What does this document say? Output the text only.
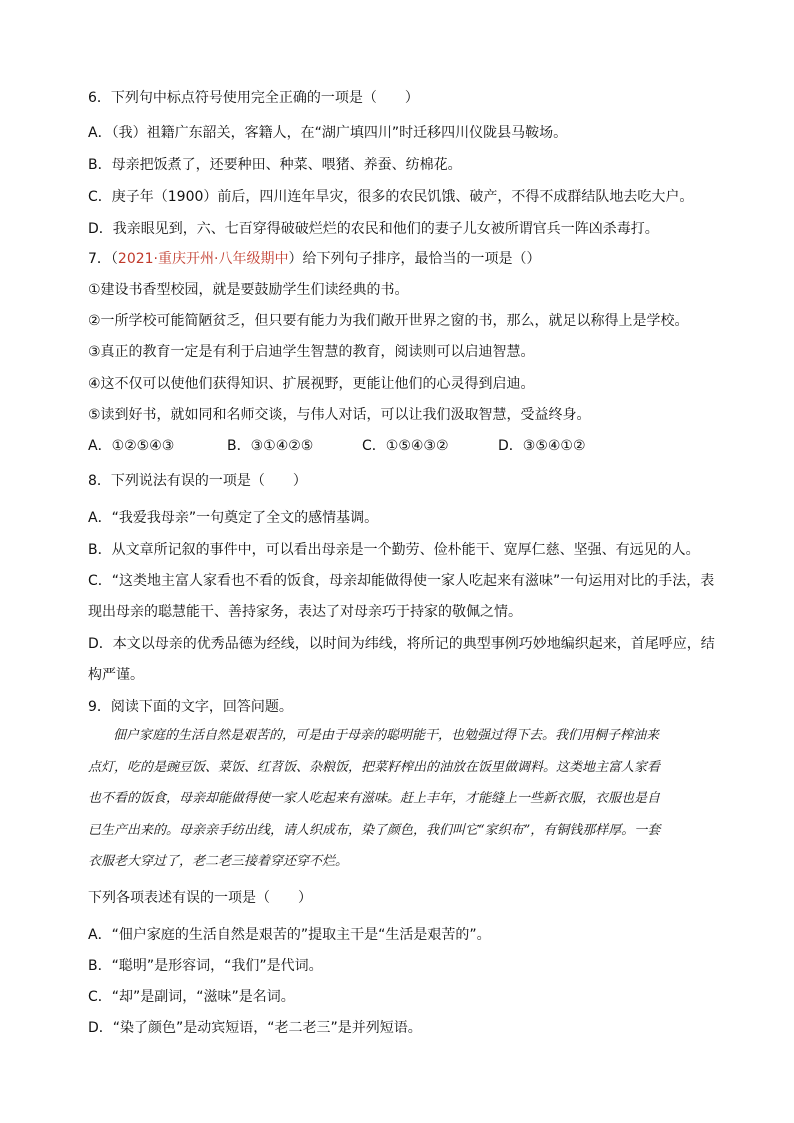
6．下列句中标点符号使用完全正确的一项是（　　）
A．（我）祖籍广东韶关，客籍人，在“湖广填四川”时迁移四川仪陇县马鞍场。
B．母亲把饭煮了，还要种田、种菜、喂猪、养蚕、纺棉花。
C．庚子年（1900）前后，四川连年旱灾，很多的农民饥饿、破产，不得不成群结队地去吃大户。
D．我亲眼见到，六、七百穿得破破烂烂的农民和他们的妻子儿女被所谓官兵一阵凶杀毒打。
7．（2021·重庆开州·八年级期中）给下列句子排序，最恰当的一项是（）
①建设书香型校园，就是要鼓励学生们读经典的书。
②一所学校可能简陋贫乏，但只要有能力为我们敞开世界之窗的书，那么，就足以称得上是学校。
③真正的教育一定是有利于启迪学生智慧的教育，阅读则可以启迪智慧。
④这不仅可以使他们获得知识、扩展视野，更能让他们的心灵得到启迪。
⑤读到好书，就如同和名师交谈，与伟人对话，可以让我们汲取智慧，受益终身。
A．①②⑤④③	B．③①④②⑤	C．①⑤④③②	D．③⑤④①②
8．下列说法有误的一项是（　　）
A．“我爱我母亲”一句奠定了全文的感情基调。
B．从文章所记叙的事件中，可以看出母亲是一个勤劳、俭朴能干、宽厚仁慈、坚强、有远见的人。
C．“这类地主富人家看也不看的饭食，母亲却能做得使一家人吃起来有滋味”一句运用对比的手法，表
现出母亲的聪慧能干、善持家务，表达了对母亲巧于持家的敬佩之情。
D．本文以母亲的优秀品德为经线，以时间为纬线，将所记的典型事例巧妙地编织起来，首尾呼应，结
构严谨。
9．阅读下面的文字，回答问题。
佃户家庭的生活自然是艰苦的，可是由于母亲的聪明能干，也勉强过得下去。我们用桐子榨油来
点灯，吃的是豌豆饭、菜饭、红苕饭、杂粮饭，把菜籽榨出的油放在饭里做调料。这类地主富人家看
也不看的饭食，母亲却能做得使一家人吃起来有滋味。赶上丰年，才能缝上一些新衣服，衣服也是自
已生产出来的。母亲亲手纺出线，请人织成布，染了颜色，我们叫它“家织布”，有铜钱那样厚。一套
衣服老大穿过了，老二老三接着穿还穿不烂。
下列各项表述有误的一项是（　　）
A．“佃户家庭的生活自然是艰苦的”提取主干是“生活是艰苦的”。
B．“聪明”是形容词，“我们”是代词。
C．“却”是副词，“滋味”是名词。
D．“染了颜色”是动宾短语，“老二老三”是并列短语。
